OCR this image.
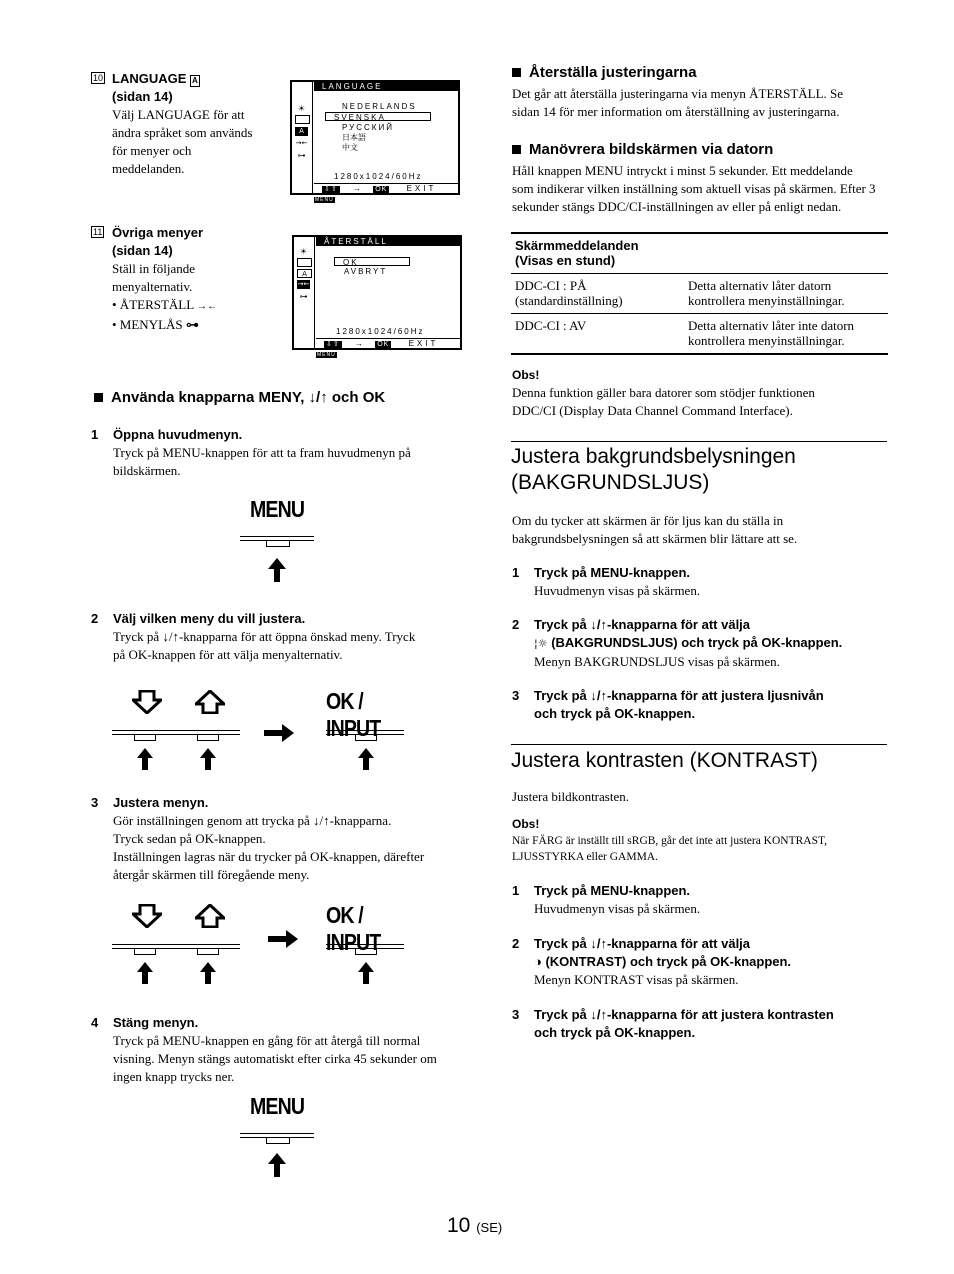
10 LANGUAGE A
(sidan 14)
Välj LANGUAGE för att
ändra språket som används
för menyer och
meddelanden.
☀
A
→←
⊶
LANGUAGE
NEDERLANDS
SVENSKA
РУССКИЙ
日本語
中文
1280x1024/60Hz
⇩⇧ → OK EXIT MENU
11 Övriga menyer
(sidan 14)
Ställ in följande
menyalternativ.
• ÅTERSTÄLL →←
• MENYLÅS ⊶
☀
A
→←
⊶
ÅTERSTÄLL
OK
AVBRYT
1280x1024/60Hz
⇩⇧ → OK EXIT MENU
Använda knapparna MENY, ↓/↑ och OK
1 Öppna huvudmenyn.
Tryck på MENU-knappen för att ta fram huvudmenyn på
bildskärmen.
MENU
2 Välj vilken meny du vill justera.
Tryck på ↓/↑-knapparna för att öppna önskad meny. Tryck
på OK-knappen för att välja menyalternativ.
OK / INPUT
3 Justera menyn.
Gör inställningen genom att trycka på ↓/↑-knapparna.
Tryck sedan på OK-knappen.
Inställningen lagras när du trycker på OK-knappen, därefter
återgår skärmen till föregående meny.
OK / INPUT
4 Stäng menyn.
Tryck på MENU-knappen en gång för att återgå till normal
visning. Menyn stängs automatiskt efter cirka 45 sekunder om
ingen knapp trycks ner.
MENU
Återställa justeringarna
Det går att återställa justeringarna via menyn ÅTERSTÄLL. Se
sidan 14 för mer information om återställning av justeringarna.
Manövrera bildskärmen via datorn
Håll knappen MENU intryckt i minst 5 sekunder. Ett meddelande
som indikerar vilken inställning som aktuell visas på skärmen. Efter 3
sekunder stängs DDC/CI-inställningen av eller på enligt nedan.
Skärmmeddelanden
(Visas en stund)
DDC-CI : PÅ
(standardinställning)
Detta alternativ låter datorn
kontrollera menyinställningar.
DDC-CI : AV	Detta alternativ låter inte datorn
kontrollera menyinställningar.
Obs!
Denna funktion gäller bara datorer som stödjer funktionen
DDC/CI (Display Data Channel Command Interface).
Justera bakgrundsbelysningen
(BAKGRUNDSLJUS)
Om du tycker att skärmen är för ljus kan du ställa in
bakgrundsbelysningen så att skärmen blir lättare att se.
1 Tryck på MENU-knappen.
Huvudmenyn visas på skärmen.
2 Tryck på ↓/↑-knapparna för att välja
¦☼ (BAKGRUNDSLJUS) och tryck på OK-knappen.
Menyn BAKGRUNDSLJUS visas på skärmen.
3 Tryck på ↓/↑-knapparna för att justera ljusnivån
och tryck på OK-knappen.
Justera kontrasten (KONTRAST)
Justera bildkontrasten.
Obs!
När FÄRG är inställt till sRGB, går det inte att justera KONTRAST,
LJUSSTYRKA eller GAMMA.
1 Tryck på MENU-knappen.
Huvudmenyn visas på skärmen.
2 Tryck på ↓/↑-knapparna för att välja
◑ (KONTRAST) och tryck på OK-knappen.
Menyn KONTRAST visas på skärmen.
3 Tryck på ↓/↑-knapparna för att justera kontrasten
och tryck på OK-knappen.
10 (SE)
